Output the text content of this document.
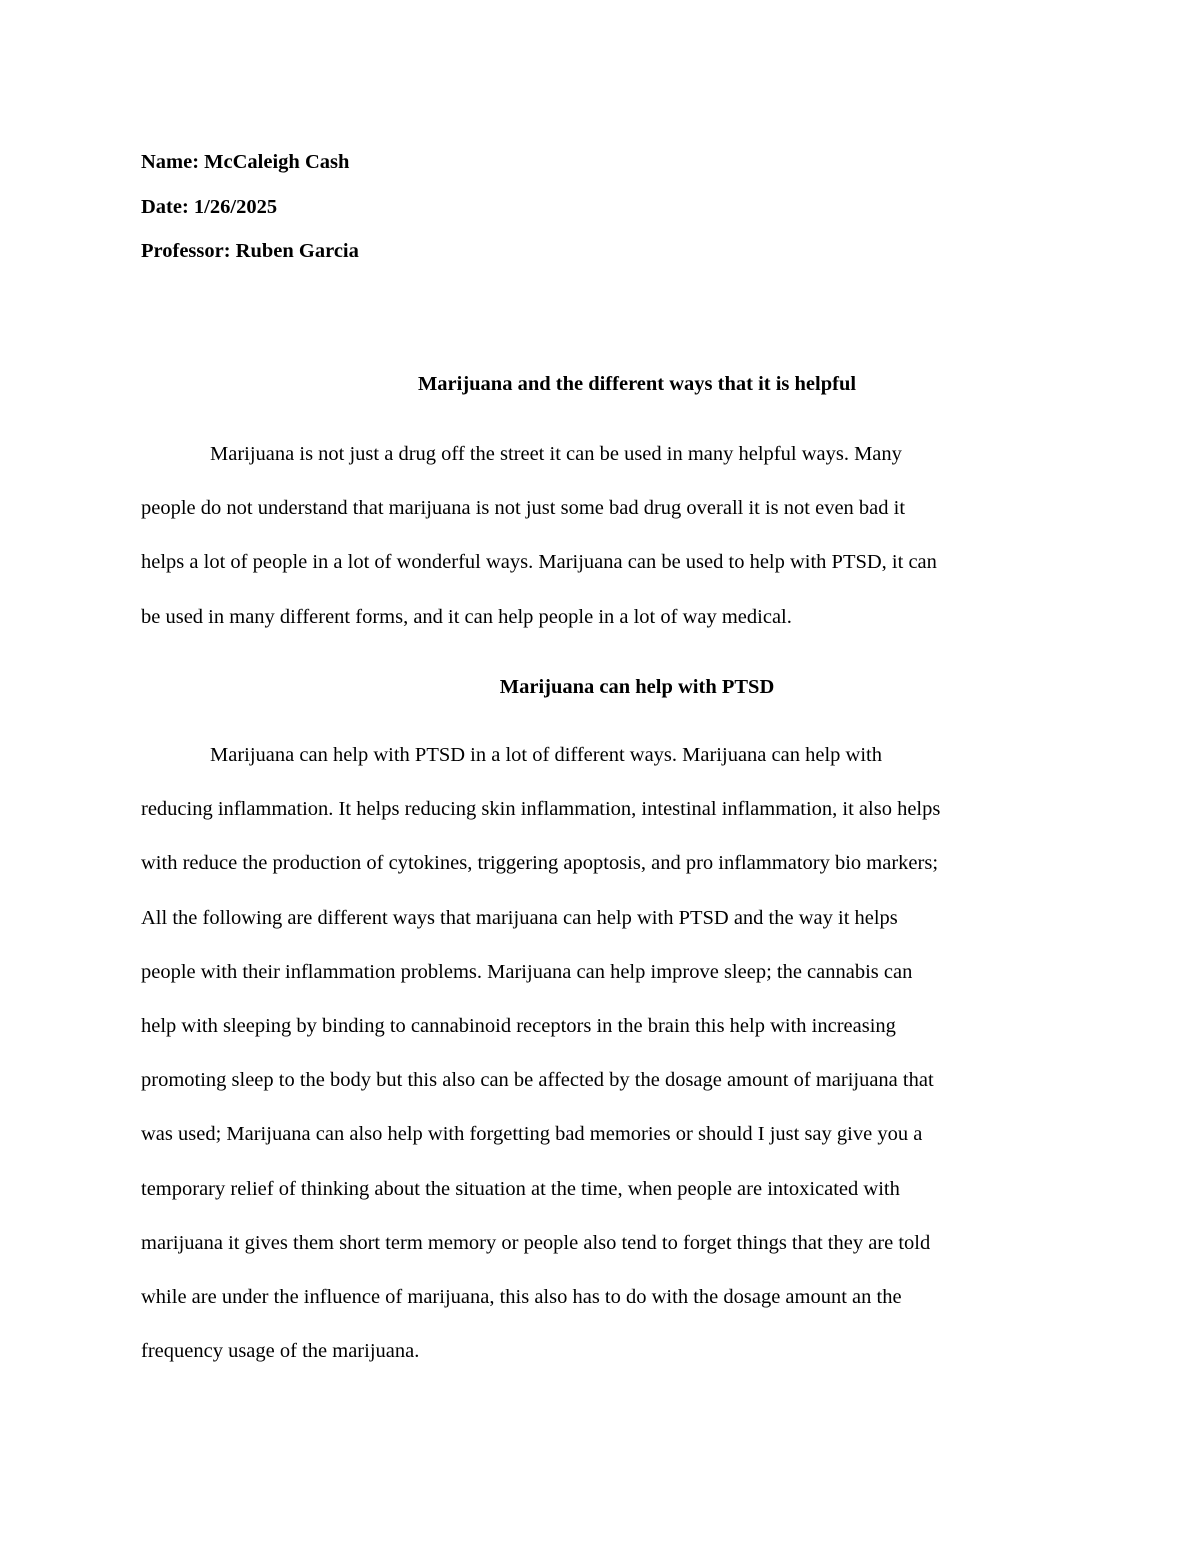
Name: McCaleigh Cash
Date: 1/26/2025
Professor: Ruben Garcia
Marijuana and the different ways that it is helpful
Marijuana is not just a drug off the street it can be used in many helpful ways. Many
people do not understand that marijuana is not just some bad drug overall it is not even bad it
helps a lot of people in a lot of wonderful ways. Marijuana can be used to help with PTSD, it can
be used in many different forms, and it can help people in a lot of way medical.
Marijuana can help with PTSD
Marijuana can help with PTSD in a lot of different ways. Marijuana can help with
reducing inflammation. It helps reducing skin inflammation, intestinal inflammation, it also helps
with reduce the production of cytokines, triggering apoptosis, and pro inflammatory bio markers;
All the following are different ways that marijuana can help with PTSD and the way it helps
people with their inflammation problems. Marijuana can help improve sleep; the cannabis can
help with sleeping by binding to cannabinoid receptors in the brain this help with increasing
promoting sleep to the body but this also can be affected by the dosage amount of marijuana that
was used; Marijuana can also help with forgetting bad memories or should I just say give you a
temporary relief of thinking about the situation at the time, when people are intoxicated with
marijuana it gives them short term memory or people also tend to forget things that they are told
while are under the influence of marijuana, this also has to do with the dosage amount an the
frequency usage of the marijuana.
